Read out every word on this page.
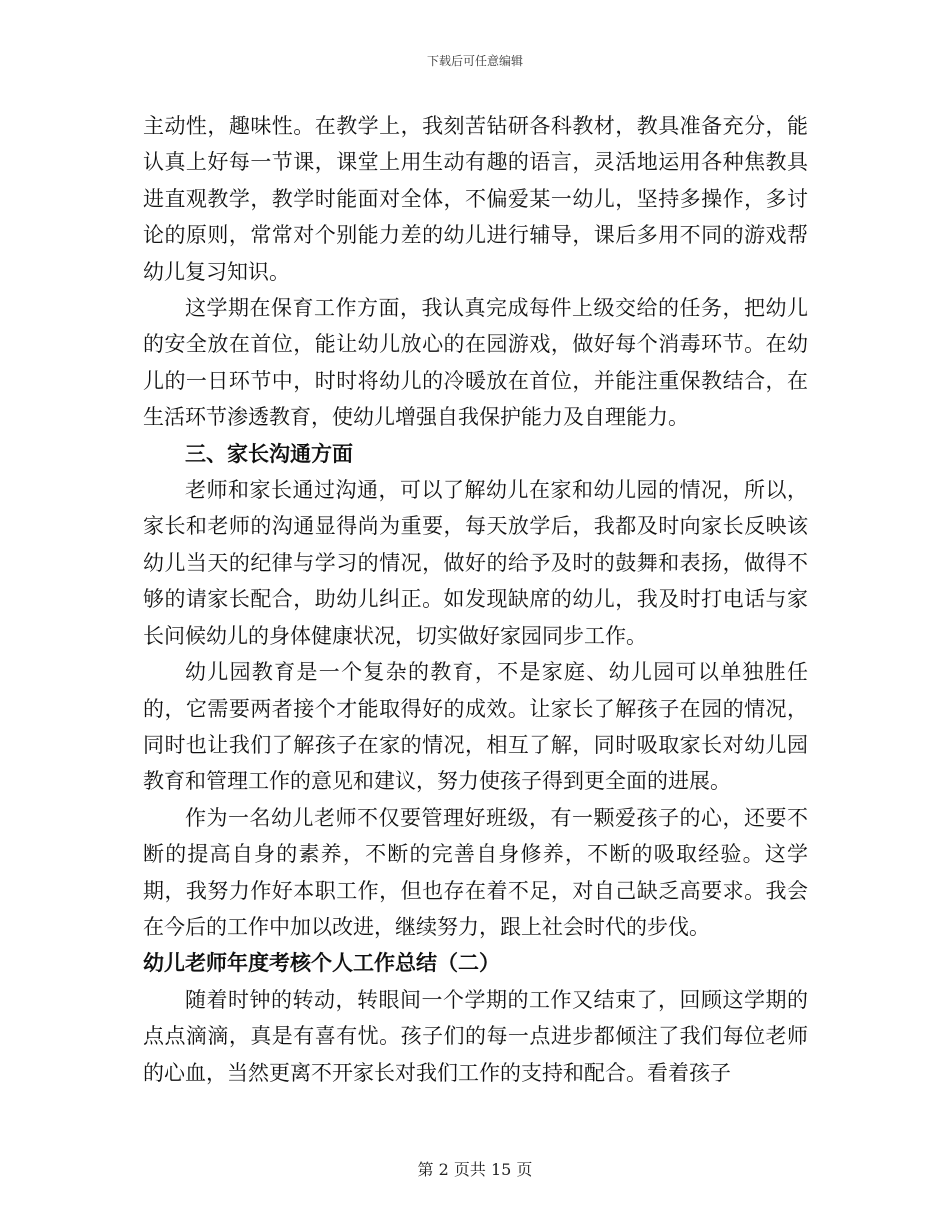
下载后可任意编辑

主动性，趣味性。在教学上，我刻苦钻研各科教材，教具准备充分，能认真上好每一节课，课堂上用生动有趣的语言，灵活地运用各种焦教具进直观教学，教学时能面对全体，不偏爱某一幼儿，坚持多操作，多讨论的原则，常常对个别能力差的幼儿进行辅导，课后多用不同的游戏帮幼儿复习知识。

这学期在保育工作方面，我认真完成每件上级交给的任务，把幼儿的安全放在首位，能让幼儿放心的在园游戏，做好每个消毒环节。在幼儿的一日环节中，时时将幼儿的冷暖放在首位，并能注重保教结合，在生活环节渗透教育，使幼儿增强自我保护能力及自理能力。

三、家长沟通方面

老师和家长通过沟通，可以了解幼儿在家和幼儿园的情况，所以，家长和老师的沟通显得尚为重要，每天放学后，我都及时向家长反映该幼儿当天的纪律与学习的情况，做好的给予及时的鼓舞和表扬，做得不够的请家长配合，助幼儿纠正。如发现缺席的幼儿，我及时打电话与家长问候幼儿的身体健康状况，切实做好家园同步工作。

幼儿园教育是一个复杂的教育，不是家庭、幼儿园可以单独胜任的，它需要两者接个才能取得好的成效。让家长了解孩子在园的情况，同时也让我们了解孩子在家的情况，相互了解，同时吸取家长对幼儿园教育和管理工作的意见和建议，努力使孩子得到更全面的进展。

作为一名幼儿老师不仅要管理好班级，有一颗爱孩子的心，还要不断的提高自身的素养，不断的完善自身修养，不断的吸取经验。这学期，我努力作好本职工作，但也存在着不足，对自己缺乏高要求。我会在今后的工作中加以改进，继续努力，跟上社会时代的步伐。

幼儿老师年度考核个人工作总结（二）

随着时钟的转动，转眼间一个学期的工作又结束了，回顾这学期的点点滴滴，真是有喜有忧。孩子们的每一点进步都倾注了我们每位老师的心血，当然更离不开家长对我们工作的支持和配合。看着孩子

第 2 页共 15 页
